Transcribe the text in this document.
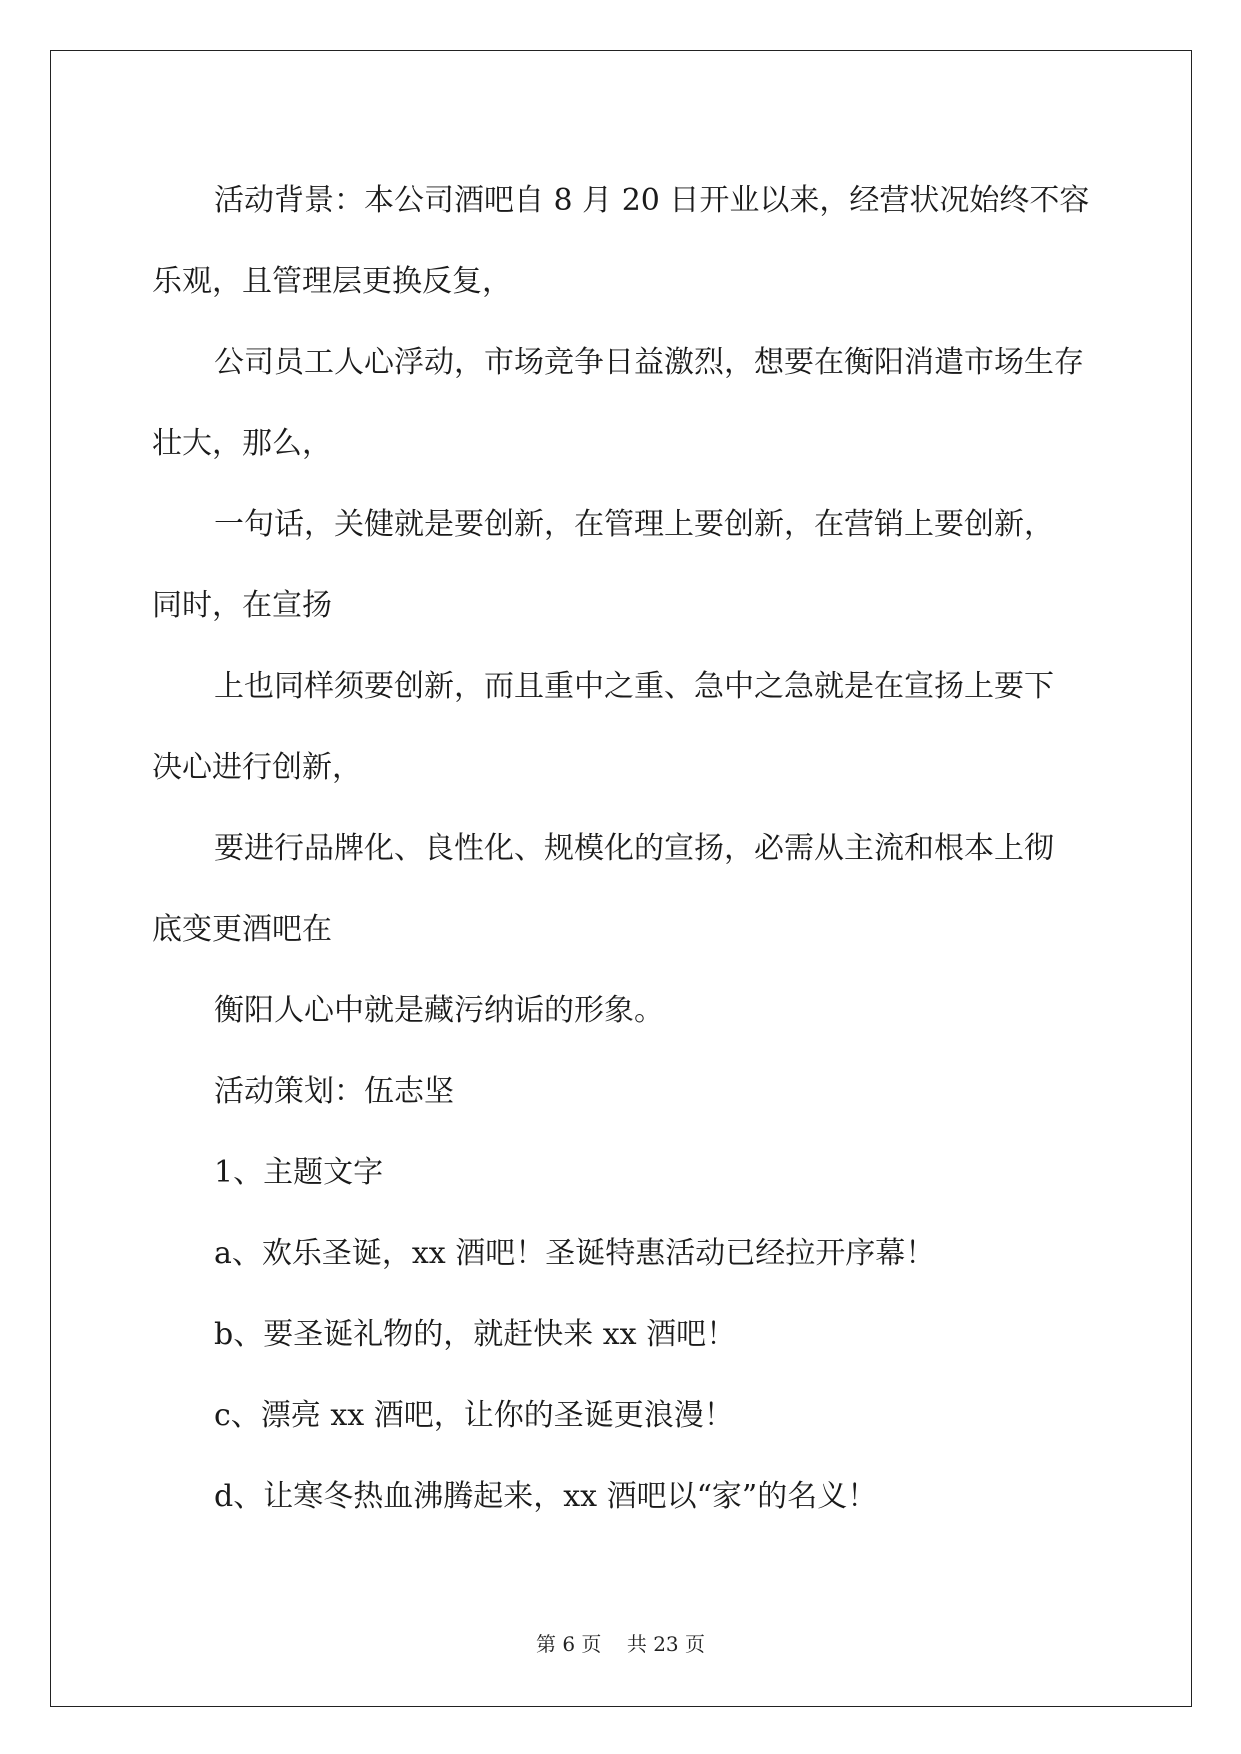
活动背景：本公司酒吧自 8 月 20 日开业以来，经营状况始终不容
乐观，且管理层更换反复，
公司员工人心浮动，市场竞争日益激烈，想要在衡阳消遣市场生存
壮大，那么，
一句话，关健就是要创新，在管理上要创新，在营销上要创新，
同时，在宣扬
上也同样须要创新，而且重中之重、急中之急就是在宣扬上要下
决心进行创新，
要进行品牌化、良性化、规模化的宣扬，必需从主流和根本上彻
底变更酒吧在
衡阳人心中就是藏污纳诟的形象。
活动策划：伍志坚
1、主题文字
a、欢乐圣诞，xx 酒吧！圣诞特惠活动已经拉开序幕！
b、要圣诞礼物的，就赶快来 xx 酒吧！
c、漂亮 xx 酒吧，让你的圣诞更浪漫！
d、让寒冬热血沸腾起来，xx 酒吧以“家”的名义！

第 6 页    共 23 页
